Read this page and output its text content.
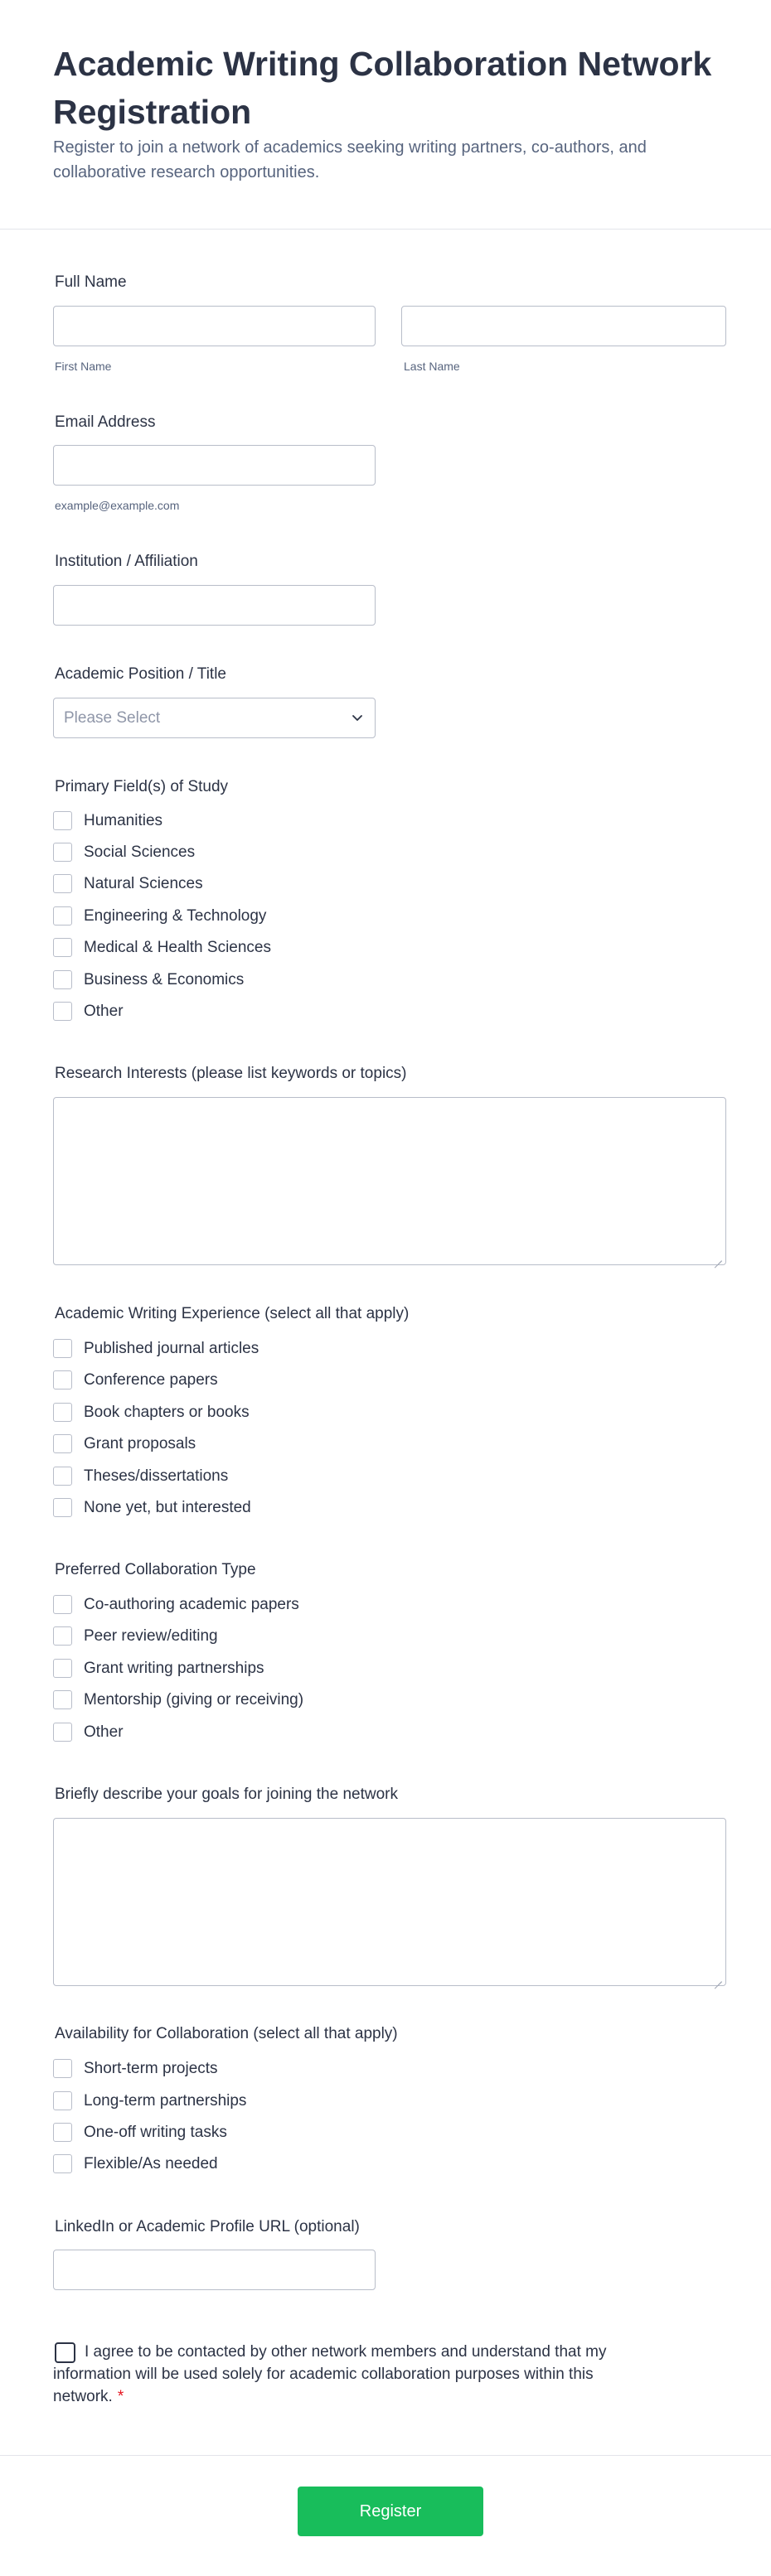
Academic Writing Collaboration Network Registration

Register to join a network of academics seeking writing partners, co-authors, and collaborative research opportunities.

Full Name
First Name	Last Name
Email Address
example@example.com
Institution / Affiliation
Academic Position / Title
Please Select
Primary Field(s) of Study
Humanities
Social Sciences
Natural Sciences
Engineering & Technology
Medical & Health Sciences
Business & Economics
Other
Research Interests (please list keywords or topics)
Academic Writing Experience (select all that apply)
Published journal articles
Conference papers
Book chapters or books
Grant proposals
Theses/dissertations
None yet, but interested
Preferred Collaboration Type
Co-authoring academic papers
Peer review/editing
Grant writing partnerships
Mentorship (giving or receiving)
Other
Briefly describe your goals for joining the network
Availability for Collaboration (select all that apply)
Short-term projects
Long-term partnerships
One-off writing tasks
Flexible/As needed
LinkedIn or Academic Profile URL (optional)

I agree to be contacted by other network members and understand that my information will be used solely for academic collaboration purposes within this network. *

Register
